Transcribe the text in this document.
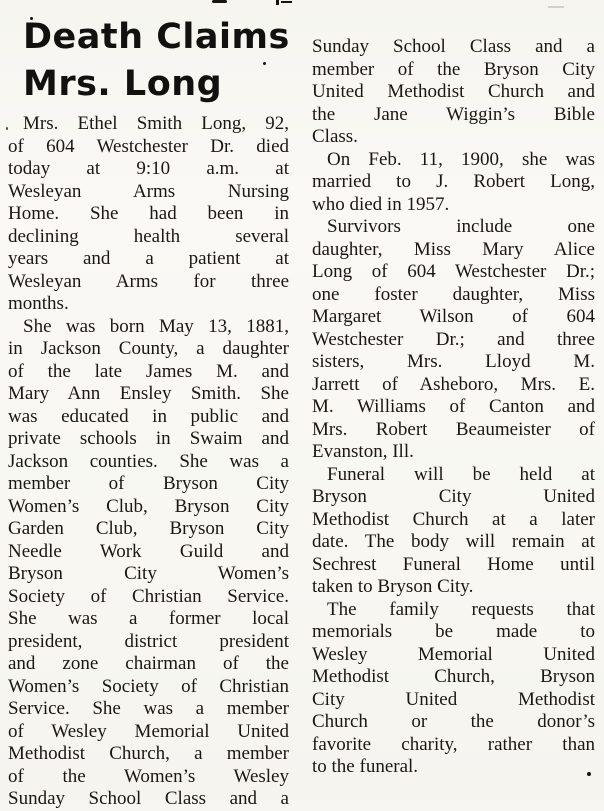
Death Claims
Mrs. Long
Mrs. Ethel Smith Long, 92,
of 604 Westchester Dr. died
today at 9:10 a.m. at
Wesleyan Arms Nursing
Home. She had been in
declining health several
years and a patient at
Wesleyan Arms for three
months.
She was born May 13, 1881,
in Jackson County, a daughter
of the late James M. and
Mary Ann Ensley Smith. She
was educated in public and
private schools in Swaim and
Jackson counties. She was a
member of Bryson City
Women’s Club, Bryson City
Garden Club, Bryson City
Needle Work Guild and
Bryson City Women’s
Society of Christian Service.
She was a former local
president, district president
and zone chairman of the
Women’s Society of Christian
Service. She was a member
of Wesley Memorial United
Methodist Church, a member
of the Women’s Wesley
Sunday School Class and a
Sunday School Class and a
member of the Bryson City
United Methodist Church and
the Jane Wiggin’s Bible
Class.
On Feb. 11, 1900, she was
married to J. Robert Long,
who died in 1957.
Survivors include one
daughter, Miss Mary Alice
Long of 604 Westchester Dr.;
one foster daughter, Miss
Margaret Wilson of 604
Westchester Dr.; and three
sisters, Mrs. Lloyd M.
Jarrett of Asheboro, Mrs. E.
M. Williams of Canton and
Mrs. Robert Beaumeister of
Evanston, Ill.
Funeral will be held at
Bryson City United
Methodist Church at a later
date. The body will remain at
Sechrest Funeral Home until
taken to Bryson City.
The family requests that
memorials be made to
Wesley Memorial United
Methodist Church, Bryson
City United Methodist
Church or the donor’s
favorite charity, rather than
to the funeral.
